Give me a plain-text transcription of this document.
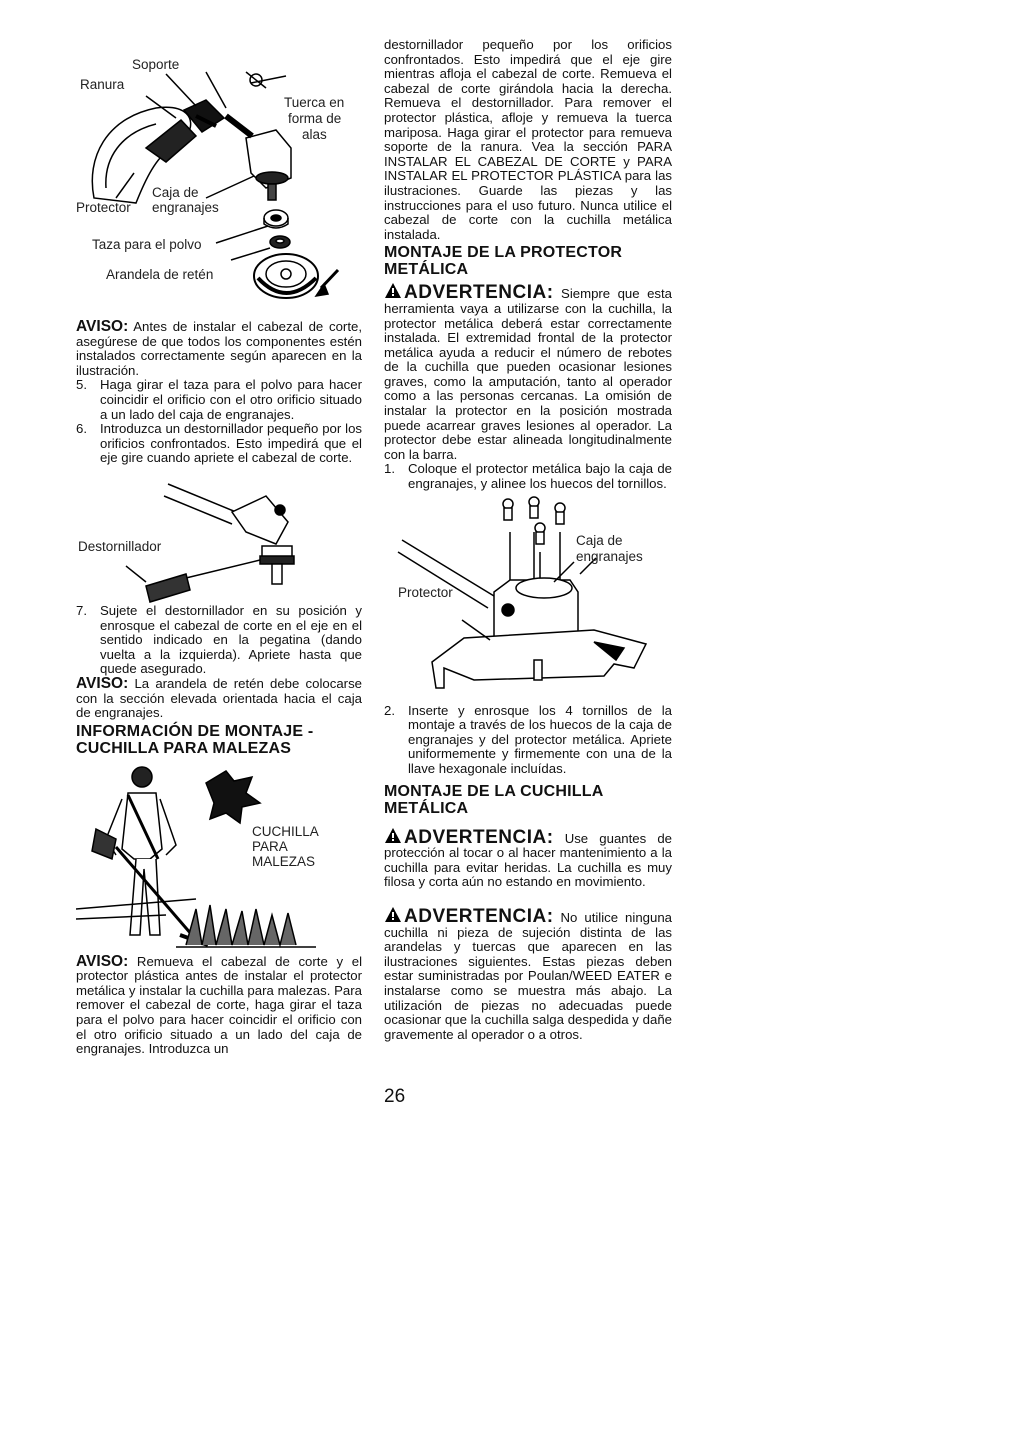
Soporte
Ranura
Tuerca en
forma de
alas
Caja de
Protector engranajes
Taza para el polvo
Arandela de retén

AVISO: Antes de instalar el cabezal de corte, asegúrese de que todos los componentes estén instalados correctamente según aparecen en la ilustración.

5. Haga girar el taza para el polvo para hacer coincidir el orificio con el otro orificio situado a un lado del caja de engranajes.
6. Introduzca un destornillador pequeño por los orificios confrontados. Esto impedirá que el eje gire cuando apriete el cabezal de corte.
Destornillador
7. Sujete el destornillador en su posición y enrosque el cabezal de corte en el eje en el sentido indicado en la pegatina (dando vuelta a la izquierda). Apriete hasta que quede asegurado.

AVISO: La arandela de retén debe colocarse con la sección elevada orientada hacia el caja de engranajes.

INFORMACIÓN DE MONTAJE - CUCHILLA PARA MALEZAS
CUCHILLA
PARA
MALEZAS

AVISO: Remueva el cabezal de corte y el protector plástica antes de instalar el protector metálica y instalar la cuchilla para malezas. Para remover el cabezal de corte, haga girar el taza para el polvo para hacer coincidir el orificio con el otro orificio situado a un lado del caja de engranajes. Introduzca un

destornillador pequeño por los orificios confrontados. Esto impedirá que el eje gire mientras afloja el cabezal de corte. Remueva el cabezal de corte girándola hacia la derecha. Remueva el destornillador. Para remover el protector plástica, afloje y remueva la tuerca mariposa. Haga girar el protector para remueva soporte de la ranura. Vea la sección PARA INSTALAR EL CABEZAL DE CORTE y PARA INSTALAR EL PROTECTOR PLÁSTICA para las ilustraciones. Guarde las piezas y las instrucciones para el uso futuro. Nunca utilice el cabezal de corte con la cuchilla metálica instalada.

MONTAJE DE LA PROTECTOR METÁLICA

ADVERTENCIA: Siempre que esta herramienta vaya a utilizarse con la cuchilla, la protector metálica deberá estar correctamente instalada. El extremidad frontal de la protector metálica ayuda a reducir el número de rebotes de la cuchilla que pueden ocasionar lesiones graves, como la amputación, tanto al operador como a las personas cercanas. La omisión de instalar la protector en la posición mostrada puede acarrear graves lesiones al operador. La protector debe estar alineada longitudinalmente con la barra.

1. Coloque el protector metálica bajo la caja de engranajes, y alinee los huecos del tornillos.
Caja de
engranajes
Protector
2. Inserte y enrosque los 4 tornillos de la montaje a través de los huecos de la caja de engranajes y del protector metálica. Apriete uniformemente y firmemente con una de la llave hexagonale incluídas.
MONTAJE DE LA CUCHILLA METÁLICA

ADVERTENCIA: Use guantes de protección al tocar o al hacer mantenimiento a la cuchilla para evitar heridas. La cuchilla es muy filosa y corta aún no estando en movimiento.

ADVERTENCIA: No utilice ninguna cuchilla ni pieza de sujeción distinta de las arandelas y tuercas que aparecen en las ilustraciones siguientes. Estas piezas deben estar suministradas por Poulan/WEED EATER e instalarse como se muestra más abajo. La utilización de piezas no adecuadas puede ocasionar que la cuchilla salga despedida y dañe gravemente al operador o a otros.

26
